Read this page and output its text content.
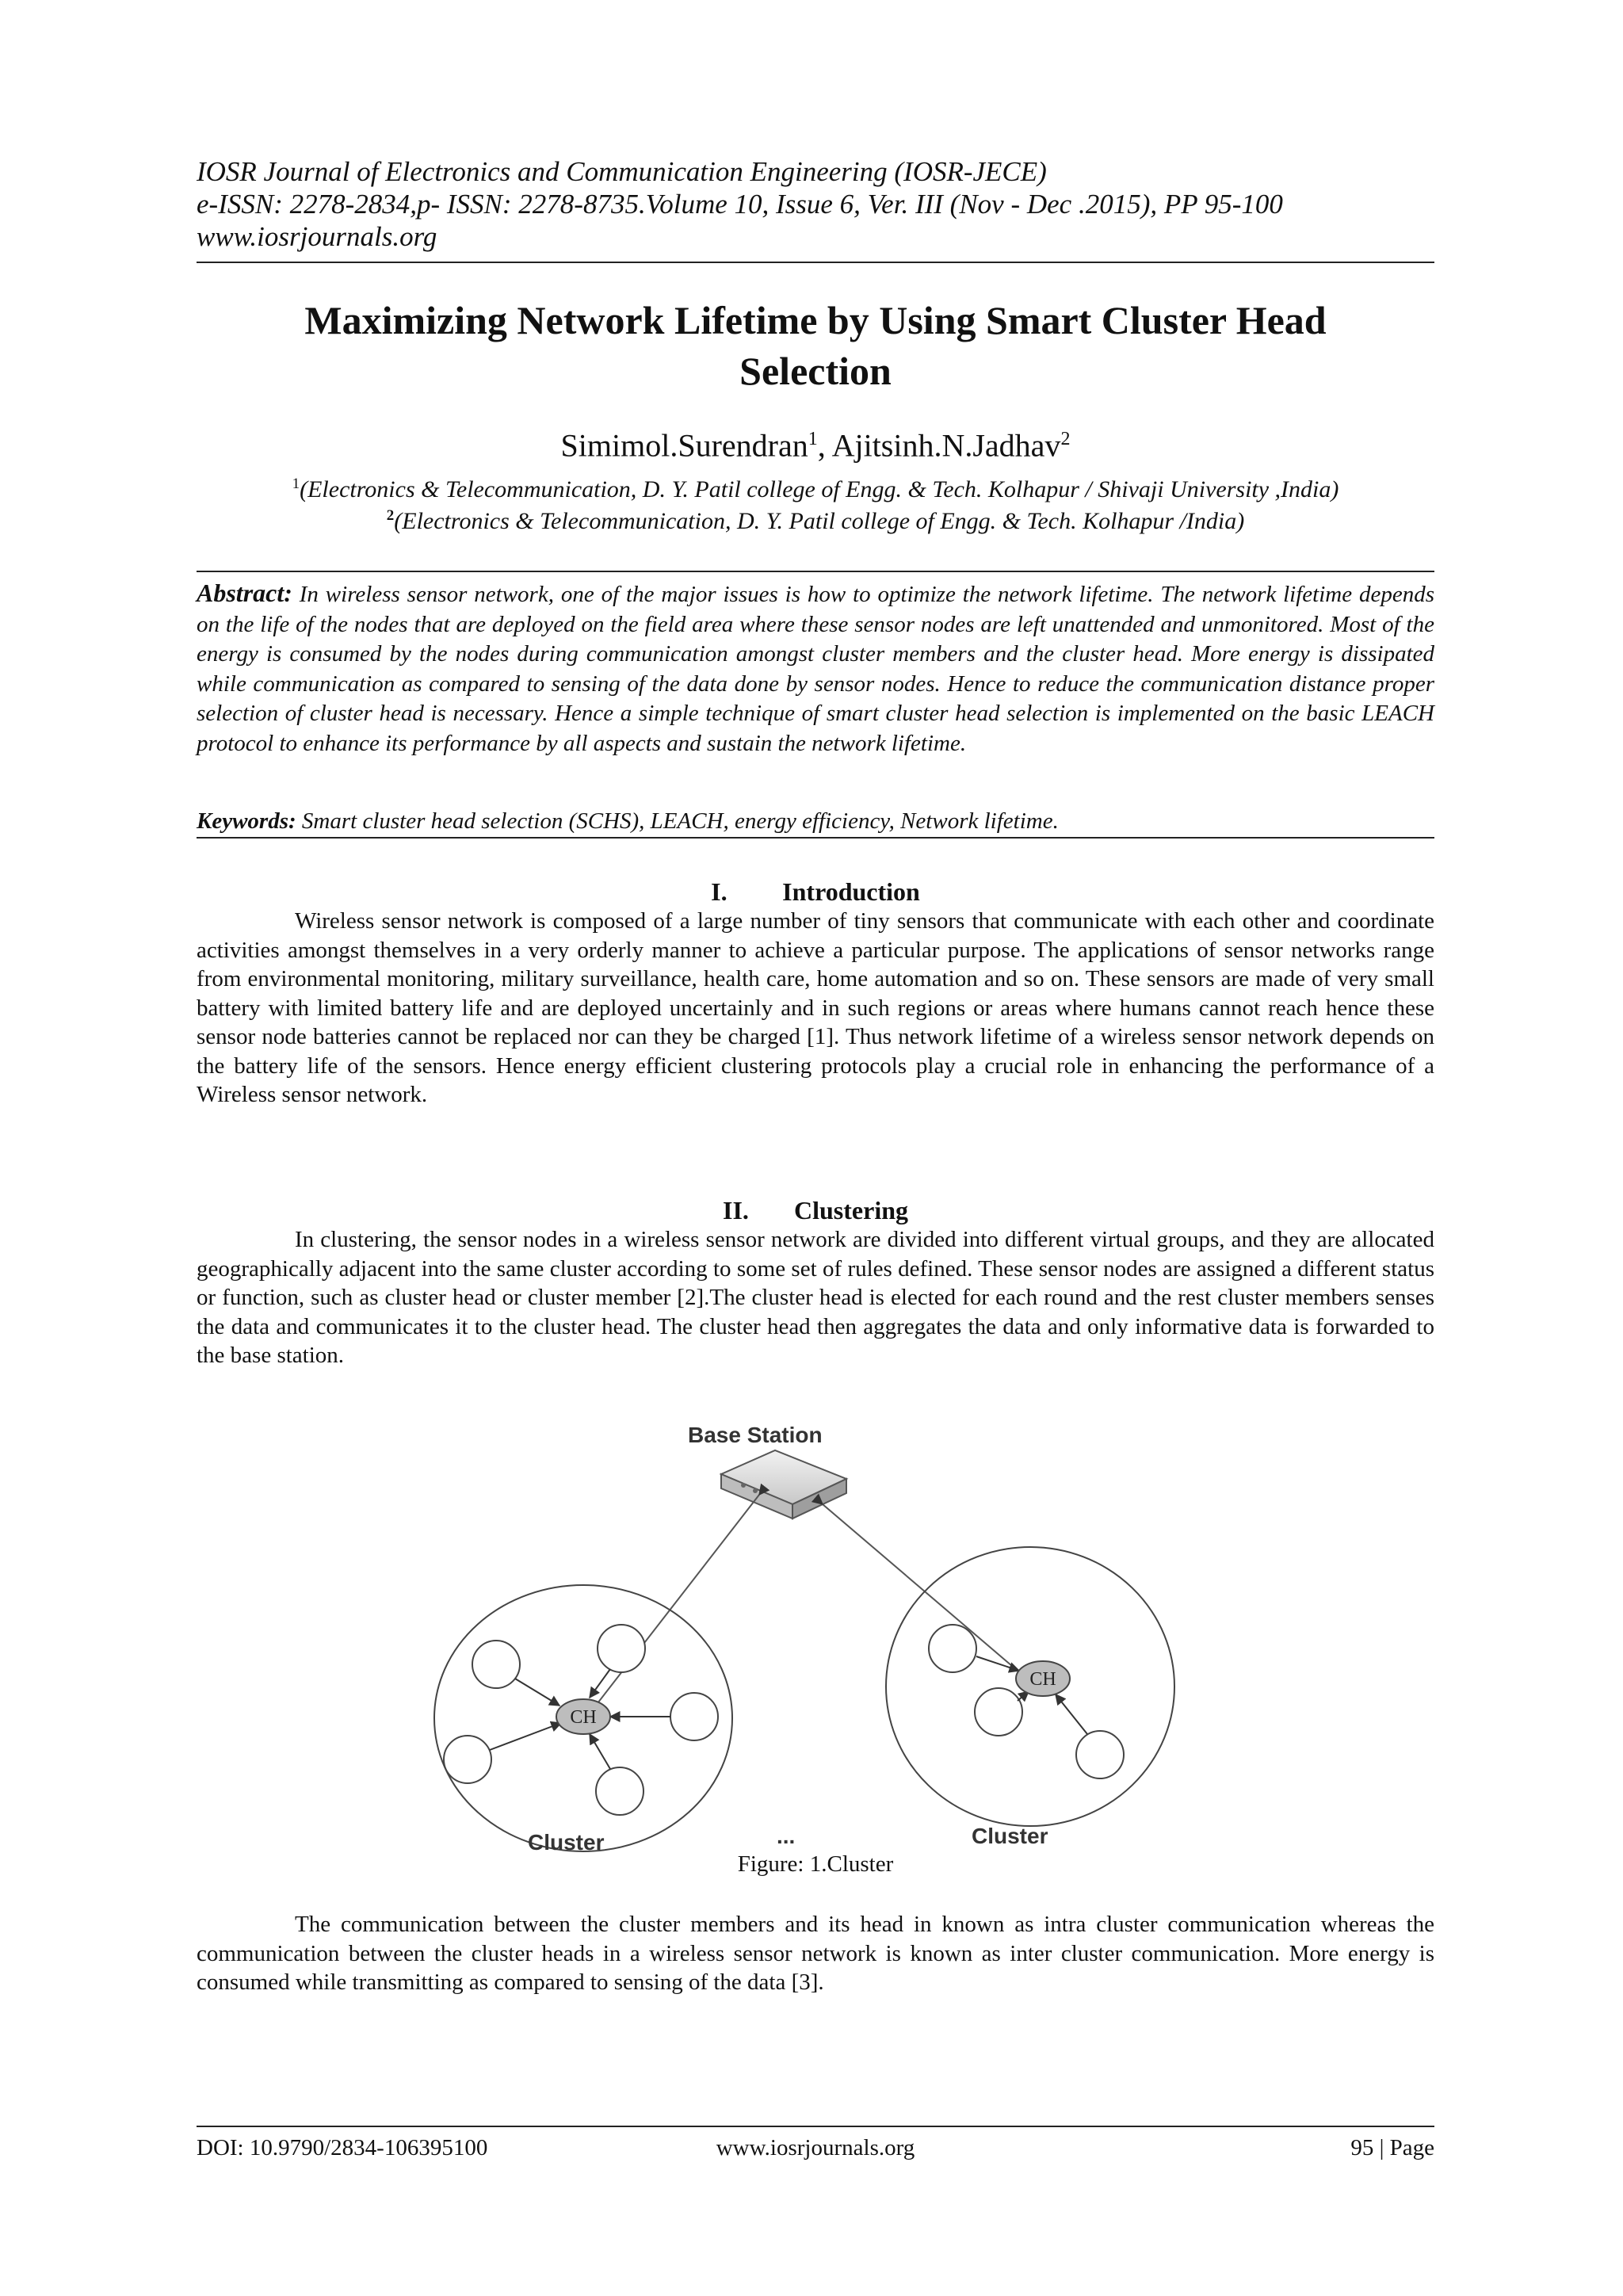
IOSR Journal of Electronics and Communication Engineering (IOSR-JECE)
e-ISSN: 2278-2834,p- ISSN: 2278-8735.Volume 10, Issue 6, Ver. III (Nov - Dec .2015), PP 95-100
www.iosrjournals.org
Maximizing Network Lifetime by Using Smart Cluster Head
Selection
Simimol.Surendran$^1$, Ajitsinh.N.Jadhav$^2$
$^1$(Electronics & Telecommunication, D. Y. Patil college of Engg. & Tech. Kolhapur / Shivaji University ,India)
$^2$(Electronics & Telecommunication, D. Y. Patil college of Engg. & Tech. Kolhapur /India)
Abstract: In wireless sensor network, one of the major issues is how to optimize the network lifetime. The network lifetime depends on the life of the nodes that are deployed on the field area where these sensor nodes are left unattended and unmonitored. Most of the energy is consumed by the nodes during communication amongst cluster members and the cluster head. More energy is dissipated while communication as compared to sensing of the data done by sensor nodes. Hence to reduce the communication distance proper selection of cluster head is necessary. Hence a simple technique of smart cluster head selection is implemented on the basic LEACH protocol to enhance its performance by all aspects and sustain the network lifetime.
Keywords: Smart cluster head selection (SCHS), LEACH, energy efficiency, Network lifetime.
I. Introduction
Wireless sensor network is composed of a large number of tiny sensors that communicate with each other and coordinate activities amongst themselves in a very orderly manner to achieve a particular purpose. The applications of sensor networks range from environmental monitoring, military surveillance, health care, home automation and so on. These sensors are made of very small battery with limited battery life and are deployed uncertainly and in such regions or areas where humans cannot reach hence these sensor node batteries cannot be replaced nor can they be charged [1]. Thus network lifetime of a wireless sensor network depends on the battery life of the sensors. Hence energy efficient clustering protocols play a crucial role in enhancing the performance of a Wireless sensor network.
II. Clustering
In clustering, the sensor nodes in a wireless sensor network are divided into different virtual groups, and they are allocated geographically adjacent into the same cluster according to some set of rules defined. These sensor nodes are assigned a different status or function, such as cluster head or cluster member [2].The cluster head is elected for each round and the rest cluster members senses the data and communicates it to the cluster head. The cluster head then aggregates the data and only informative data is forwarded to the base station.
Base Station
CH
CH
Cluster	...	Cluster
Figure: 1.Cluster
The communication between the cluster members and its head in known as intra cluster communication whereas the communication between the cluster heads in a wireless sensor network is known as inter cluster communication. More energy is consumed while transmitting as compared to sensing of the data [3].
DOI: 10.9790/2834-106395100	www.iosrjournals.org	95 | Page
